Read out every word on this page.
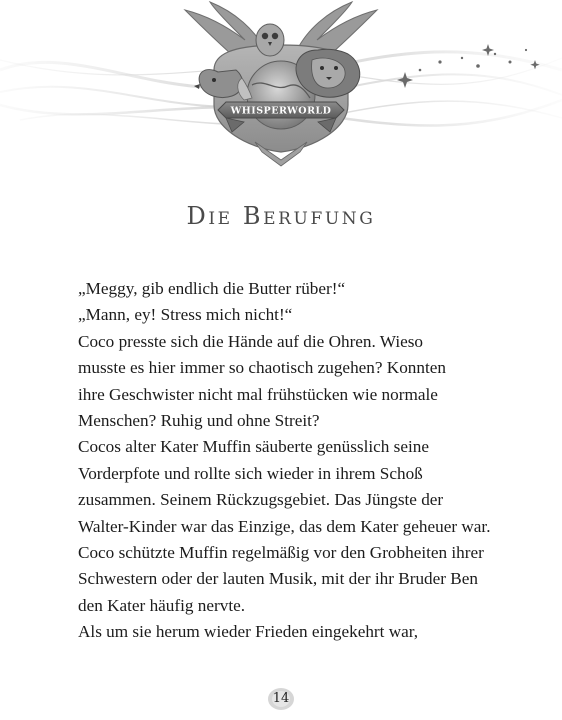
WHISPERWORLD
Die Berufung
„Meggy, gib endlich die Butter rüber!“
„Mann, ey! Stress mich nicht!“
Coco presste sich die Hände auf die Ohren. Wieso
musste es hier immer so chaotisch zugehen? Konnten
ihre Geschwister nicht mal frühstücken wie normale
Menschen? Ruhig und ohne Streit?
Cocos alter Kater Muffin säuberte genüsslich seine
Vorderpfote und rollte sich wieder in ihrem Schoß
zusammen. Seinem Rückzugsgebiet. Das Jüngste der
Walter-Kinder war das Einzige, das dem Kater geheuer war.
Coco schützte Muffin regelmäßig vor den Grobheiten ihrer
Schwestern oder der lauten Musik, mit der ihr Bruder Ben
den Kater häufig nervte.
Als um sie herum wieder Frieden eingekehrt war,
14
